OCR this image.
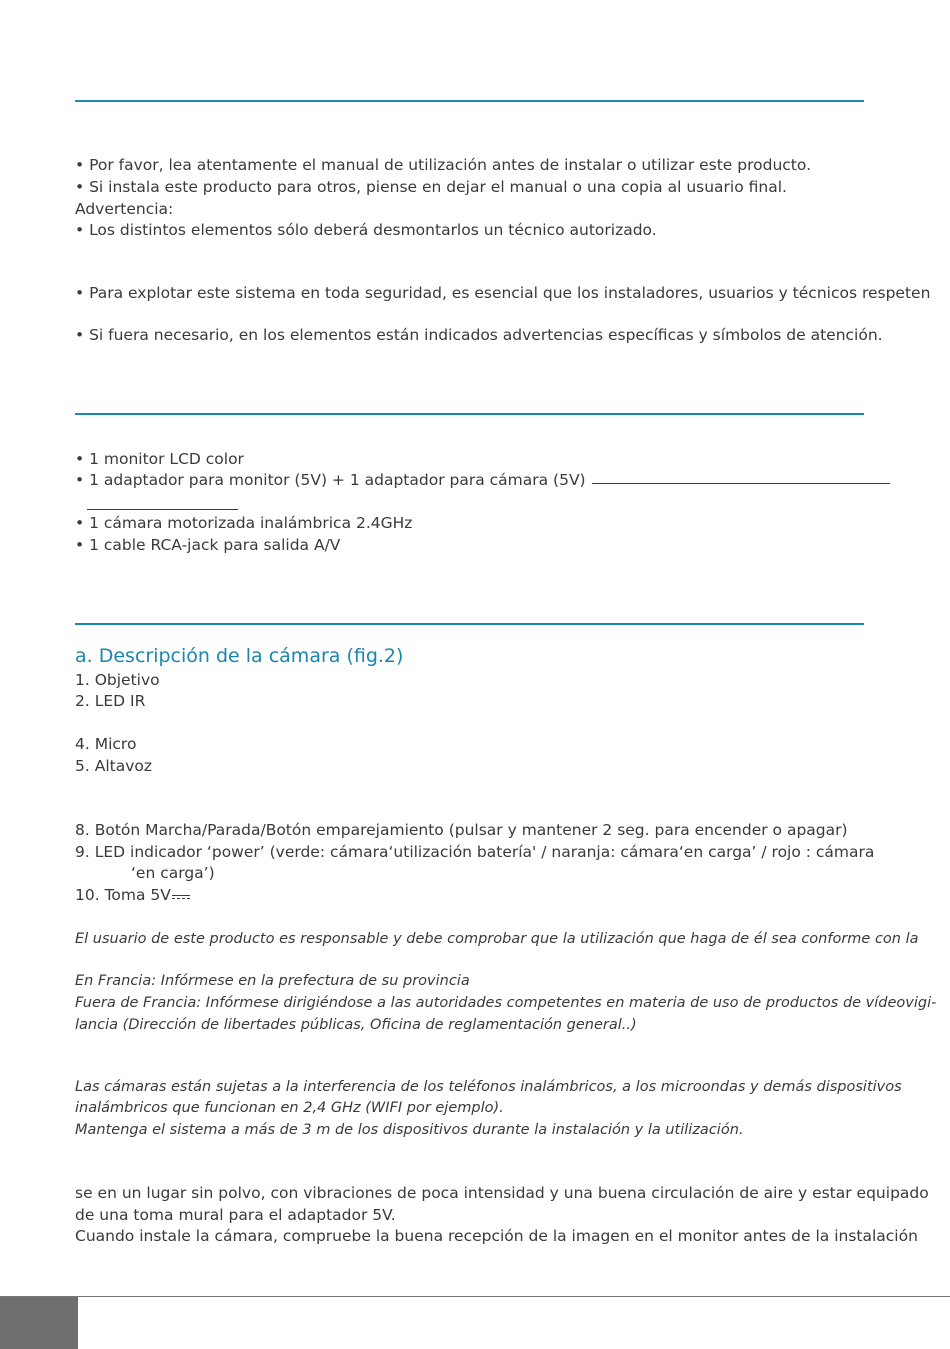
• Por favor, lea atentamente el manual de utilización antes de instalar o utilizar este producto.
• Si instala este producto para otros, piense en dejar el manual o una copia al usuario final.
Advertencia:
• Los distintos elementos sólo deberá desmontarlos un técnico autorizado.
• Para explotar este sistema en toda seguridad, es esencial que los instaladores, usuarios y técnicos respeten
• Si fuera necesario, en los elementos están indicados advertencias específicas y símbolos de atención.
• 1 monitor LCD color
• 1 adaptador para monitor (5V) + 1 adaptador para cámara (5V)
• 1 cámara motorizada inalámbrica 2.4GHz
• 1 cable RCA-jack para salida A/V
a. Descripción de la cámara (fig.2)
1. Objetivo
2. LED IR
4. Micro
5. Altavoz
8. Botón Marcha/Parada/Botón emparejamiento (pulsar y mantener 2 seg. para encender o apagar)
9. LED indicador ‘power’ (verde: cámara ‘utilización batería' / naranja: cámara ‘en carga’ / rojo : cámara
‘en carga’)
10. Toma 5V
El usuario de este producto es responsable y debe comprobar que la utilización que haga de él sea conforme con la
En Francia: Infórmese en la prefectura de su provincia
Fuera de Francia: Infórmese dirigiéndose a las autoridades competentes en materia de uso de productos de vídeovigi-
lancia (Dirección de libertades públicas, Oficina de reglamentación general..)
Las cámaras están sujetas a la interferencia de los teléfonos inalámbricos, a los microondas y demás dispositivos
inalámbricos que funcionan en 2,4 GHz (WIFI por ejemplo).
Mantenga el sistema a más de 3 m de los dispositivos durante la instalación y la utilización.
se en un lugar sin polvo, con vibraciones de poca intensidad y una buena circulación de aire y estar equipado
de una toma mural para el adaptador 5V.
Cuando instale la cámara, compruebe la buena recepción de la imagen en el monitor antes de la instalación
